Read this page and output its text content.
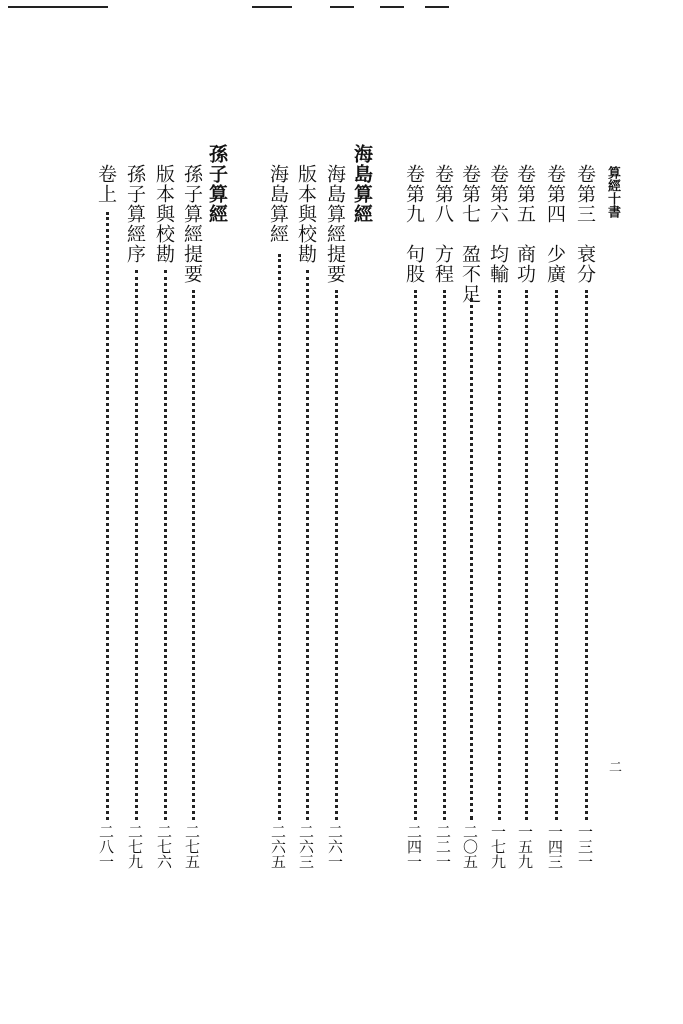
算經十書
二
卷第三　衰分
一三一
卷第四　少廣
一四三
卷第五　商功
一五九
卷第六　均輸
一七九
卷第七　盈不足
二〇五
卷第八　方程
二二一
卷第九　句股
二四一
海島算經
海島算經提要
二六一
版本與校勘
二六三
海島算經
二六五
孫子算經
孫子算經提要
二七五
版本與校勘
二七六
孫子算經序
二七九
卷上
二八一
